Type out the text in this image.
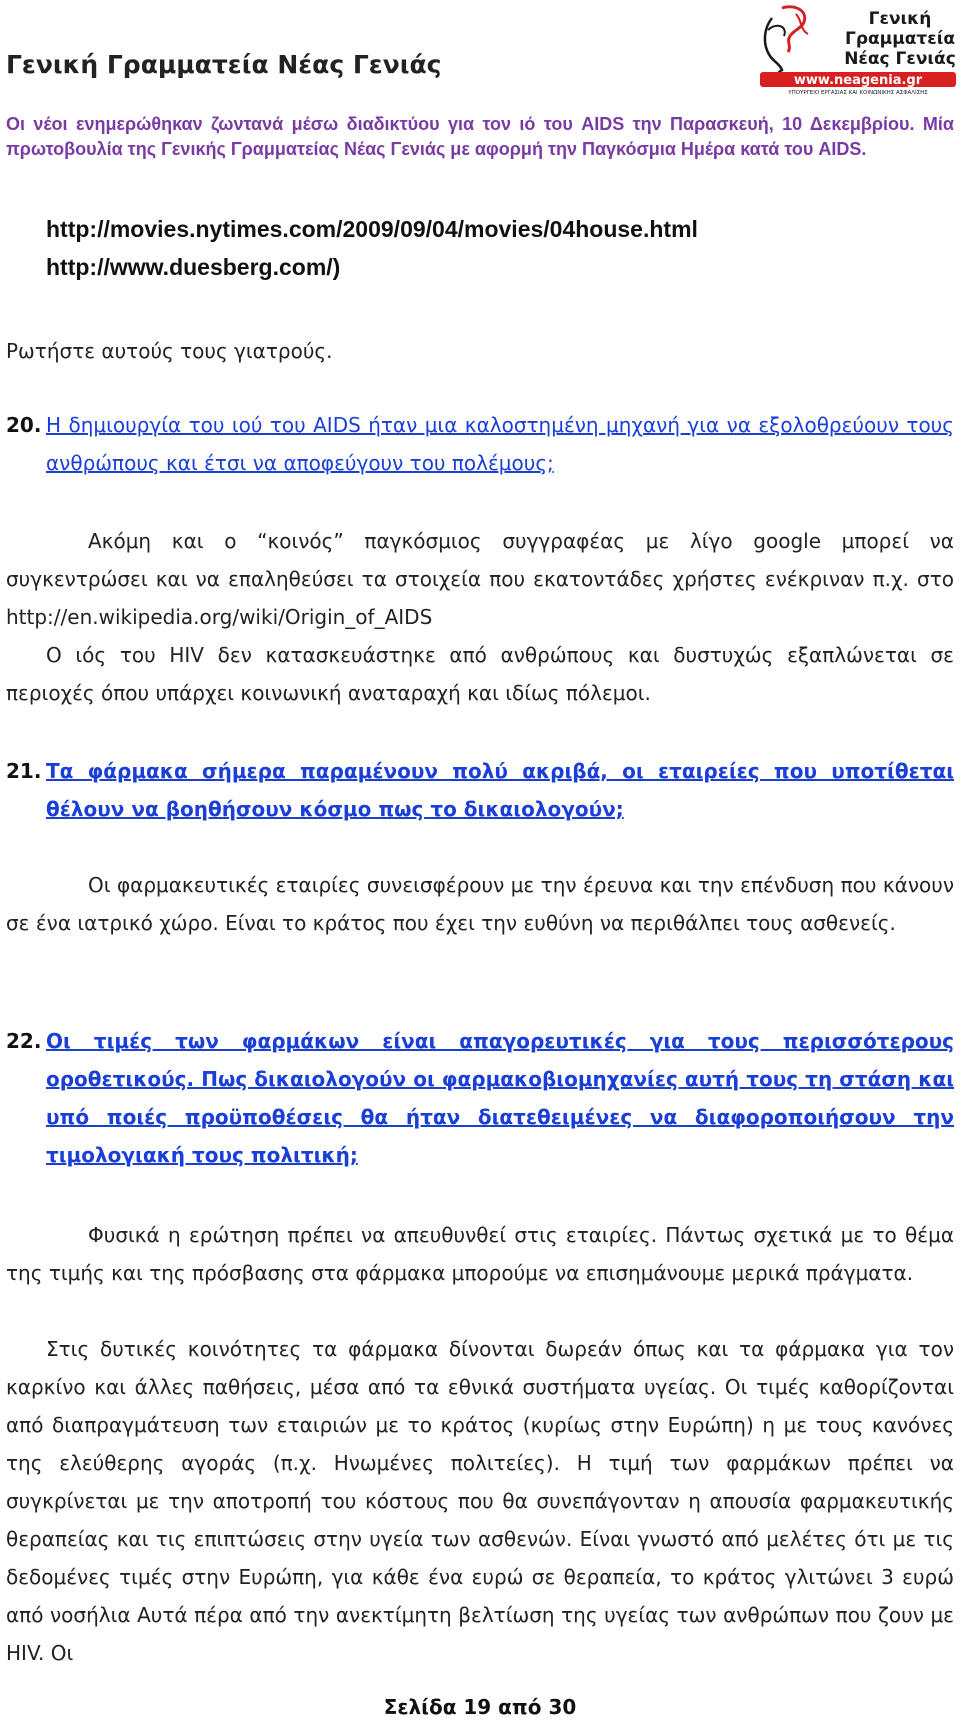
Γενική Γραμματεία Νέας Γενιάς
Γενική
Γραμματεία
Νέας Γενιάς
www.neagenia.gr
ΥΠΟΥΡΓΕΙΟ ΕΡΓΑΣΙΑΣ ΚΑΙ ΚΟΙΝΩΝΙΚΗΣ ΑΣΦΑΛΙΣΗΣ
Οι νέοι ενημερώθηκαν ζωντανά μέσω διαδικτύου για τον ιό του AIDS την Παρασκευή, 10 Δεκεμβρίου. Μία πρωτοβουλία της Γενικής Γραμματείας Νέας Γενιάς με αφορμή την Παγκόσμια Ημέρα κατά του AIDS.
http://movies.nytimes.com/2009/09/04/movies/04house.html
http://www.duesberg.com/)
Ρωτήστε αυτούς τους γιατρούς.
20. Η δημιουργία του ιού του AIDS ήταν μια καλοστημένη μηχανή για να εξολοθρεύουν τους ανθρώπους και έτσι να αποφεύγουν του πολέμους;
Ακόμη και ο “κοινός” παγκόσμιος συγγραφέας με λίγο google μπορεί να συγκεντρώσει και να επαληθεύσει τα στοιχεία που εκατοντάδες χρήστες ενέκριναν π.χ. στο http://en.wikipedia.org/wiki/Origin_of_AIDS
Ο ιός του HIV δεν κατασκευάστηκε από ανθρώπους και δυστυχώς εξαπλώνεται σε περιοχές όπου υπάρχει κοινωνική αναταραχή και ιδίως πόλεμοι.
21. Τα φάρμακα σήμερα παραμένουν πολύ ακριβά, οι εταιρείες που υποτίθεται θέλουν να βοηθήσουν κόσμο πως το δικαιολογούν;
Οι φαρμακευτικές εταιρίες συνεισφέρουν με την έρευνα και την επένδυση που κάνουν σε ένα ιατρικό χώρο. Είναι το κράτος που έχει την ευθύνη να περιθάλπει τους ασθενείς.
22. Οι τιμές των φαρμάκων είναι απαγορευτικές για τους περισσότερους οροθετικούς. Πως δικαιολογούν οι φαρμακοβιομηχανίες αυτή τους τη στάση και υπό ποιές προϋποθέσεις θα ήταν διατεθειμένες να διαφοροποιήσουν την τιμολογιακή τους πολιτική;
Φυσικά η ερώτηση πρέπει να απευθυνθεί στις εταιρίες. Πάντως σχετικά με το θέμα της τιμής και της πρόσβασης στα φάρμακα μπορούμε να επισημάνουμε μερικά πράγματα.
Στις δυτικές κοινότητες τα φάρμακα δίνονται δωρεάν όπως και τα φάρμακα για τον καρκίνο και άλλες παθήσεις, μέσα από τα εθνικά συστήματα υγείας. Οι τιμές καθορίζονται από διαπραγμάτευση των εταιριών με το κράτος (κυρίως στην Ευρώπη) η με τους κανόνες της ελεύθερης αγοράς (π.χ. Ηνωμένες πολιτείες). Η τιμή των φαρμάκων πρέπει να συγκρίνεται με την αποτροπή του κόστους που θα συνεπάγονταν η απουσία φαρμακευτικής θεραπείας και τις επιπτώσεις στην υγεία των ασθενών. Είναι γνωστό από μελέτες ότι με τις δεδομένες τιμές στην Ευρώπη, για κάθε ένα ευρώ σε θεραπεία, το κράτος γλιτώνει 3 ευρώ από νοσήλια Αυτά πέρα από την ανεκτίμητη βελτίωση της υγείας των ανθρώπων που ζουν με HIV. Οι
Σελίδα 19 από 30
